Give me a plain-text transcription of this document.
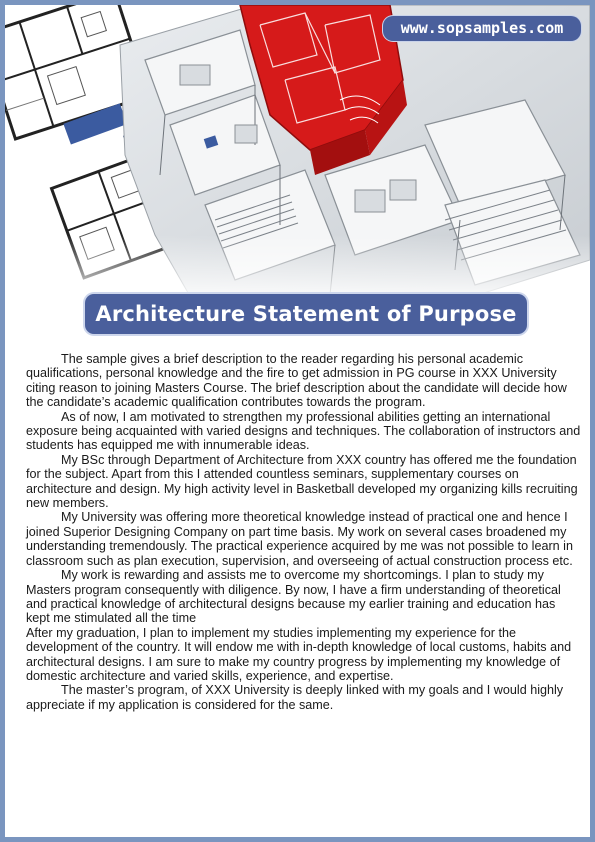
www.sopsamples.com
Architecture Statement of Purpose

The sample gives a brief description to the reader regarding his personal academic qualifications, personal knowledge and the fire to get admission in PG course in XXX University citing reason to joining Masters Course. The brief description about the candidate will decide how the candidate’s academic qualification contributes towards the program.

As of now, I am motivated to strengthen my professional abilities getting an international exposure being acquainted with varied designs and techniques. The collaboration of instructors and students has equipped me with innumerable ideas.

My BSc through Department of Architecture from XXX country has offered me the foundation for the subject. Apart from this I attended countless seminars, supplementary courses on architecture and design. My high activity level in Basketball developed my organizing kills recruiting new members.

My University was offering more theoretical knowledge instead of practical one and hence I joined Superior Designing Company on part time basis. My work on several cases broadened my understanding tremendously. The practical experience acquired by me was not possible to learn in classroom such as plan execution, supervision, and overseeing of actual construction process etc.

My work is rewarding and assists me to overcome my shortcomings. I plan to study my Masters program consequently with diligence. By now, I have a firm understanding of theoretical and practical knowledge of architectural designs because my earlier training and education has kept me stimulated all the time

After my graduation, I plan to implement my studies implementing my experience for the development of the country. It will endow me with in-depth knowledge of local customs, habits and architectural designs. I am sure to make my country progress by implementing my knowledge of domestic architecture and varied skills, experience, and expertise.

The master’s program, of XXX University is deeply linked with my goals and I would highly appreciate if my application is considered for the same.
